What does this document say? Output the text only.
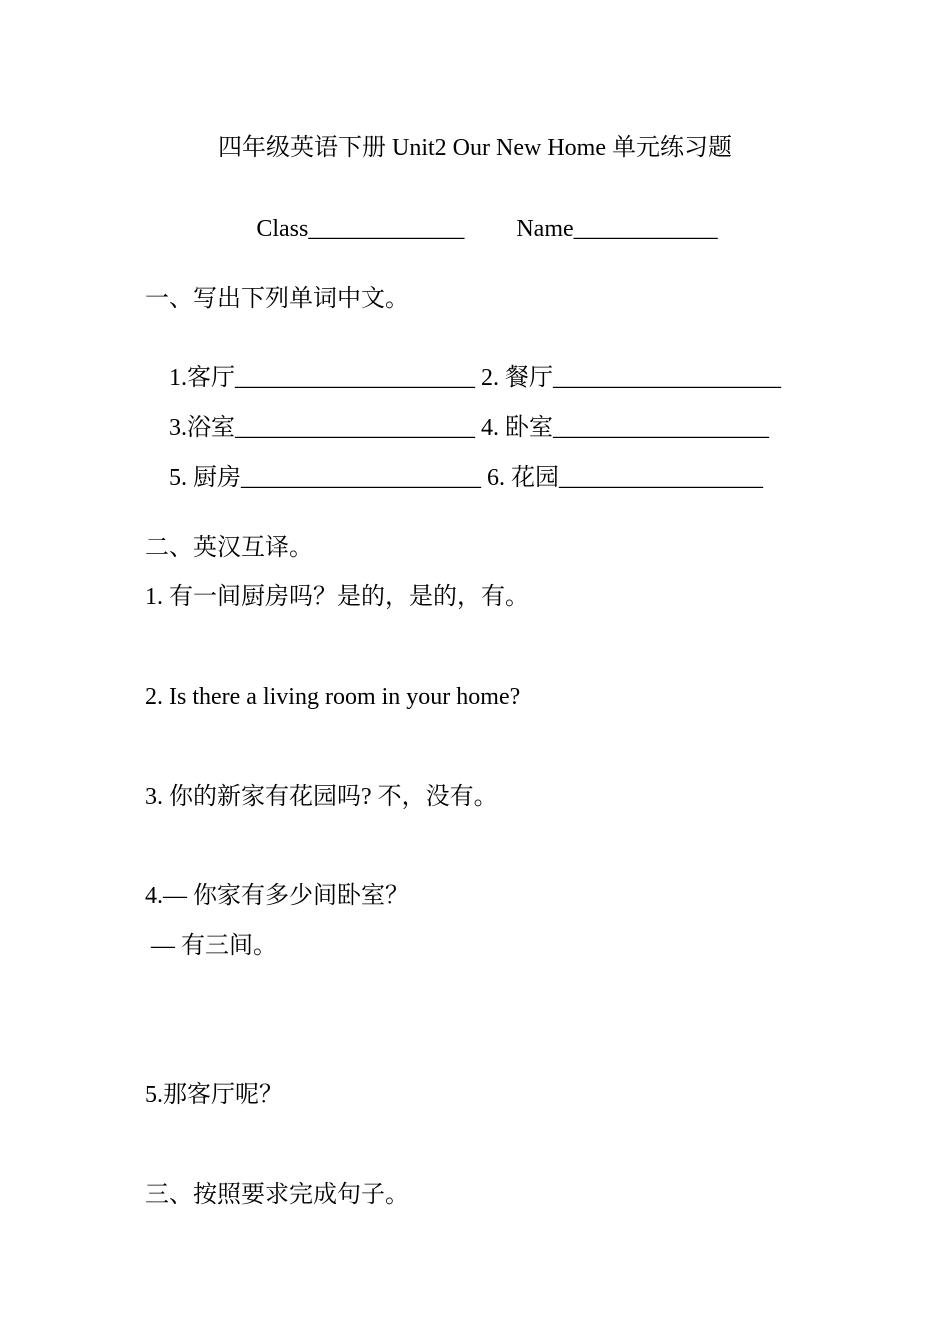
四年级英语下册 Unit2 Our New Home 单元练习题

Class_____________ Name____________

一、写出下列单词中文。

1.客厅____________________ 2. 餐厅___________________

3.浴室____________________ 4. 卧室__________________

5. 厨房____________________ 6. 花园_________________

二、英汉互译。
1. 有一间厨房吗？是的，是的，有。
2. Is there a living room in your home?
3. 你的新家有花园吗? 不，没有。
4.— 你家有多少间卧室？
— 有三间。
5.那客厅呢？
三、按照要求完成句子。
